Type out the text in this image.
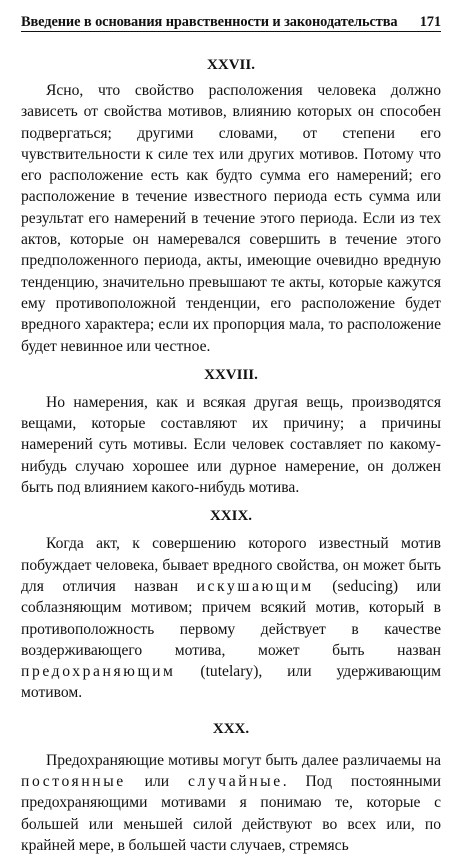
Введение в основания нравственности и законодательства 171
XXVII.

Ясно, что свойство расположения человека должно зависеть от свойства мотивов, влиянию которых он способен подвергаться; другими словами, от степени его чувствительности к силе тех или других мотивов. Потому что его расположение есть как будто сумма его намерений; его расположение в течение известного периода есть сумма или результат его намерений в течение этого периода. Если из тех актов, которые он намеревался совершить в течение этого предположенного периода, акты, имеющие очевидно вредную тенденцию, значительно превышают те акты, которые кажутся ему противоположной тенденции, его расположение будет вредного характера; если их пропорция мала, то расположение будет невинное или честное.

XXVIII.

Но намерения, как и всякая другая вещь, производятся вещами, которые составляют их причину; а причины намерений суть мотивы. Если человек составляет по какому-нибудь случаю хорошее или дурное намерение, он должен быть под влиянием какого-нибудь мотива.

XXIX.

Когда акт, к совершению которого известный мотив побуждает человека, бывает вредного свойства, он может быть для отличия назван искушающим (seducing) или соблазняющим мотивом; причем всякий мотив, который в противоположность первому действует в качестве воздерживающего мотива, может быть назван предохраняющим (tutelary), или удерживающим мотивом.

XXX.

Предохраняющие мотивы могут быть далее различаемы на постоянные или случайные. Под постоянными предохраняющими мотивами я понимаю те, которые с большей или меньшей силой действуют во всех или, по крайней мере, в большей части случаев, стремясь
